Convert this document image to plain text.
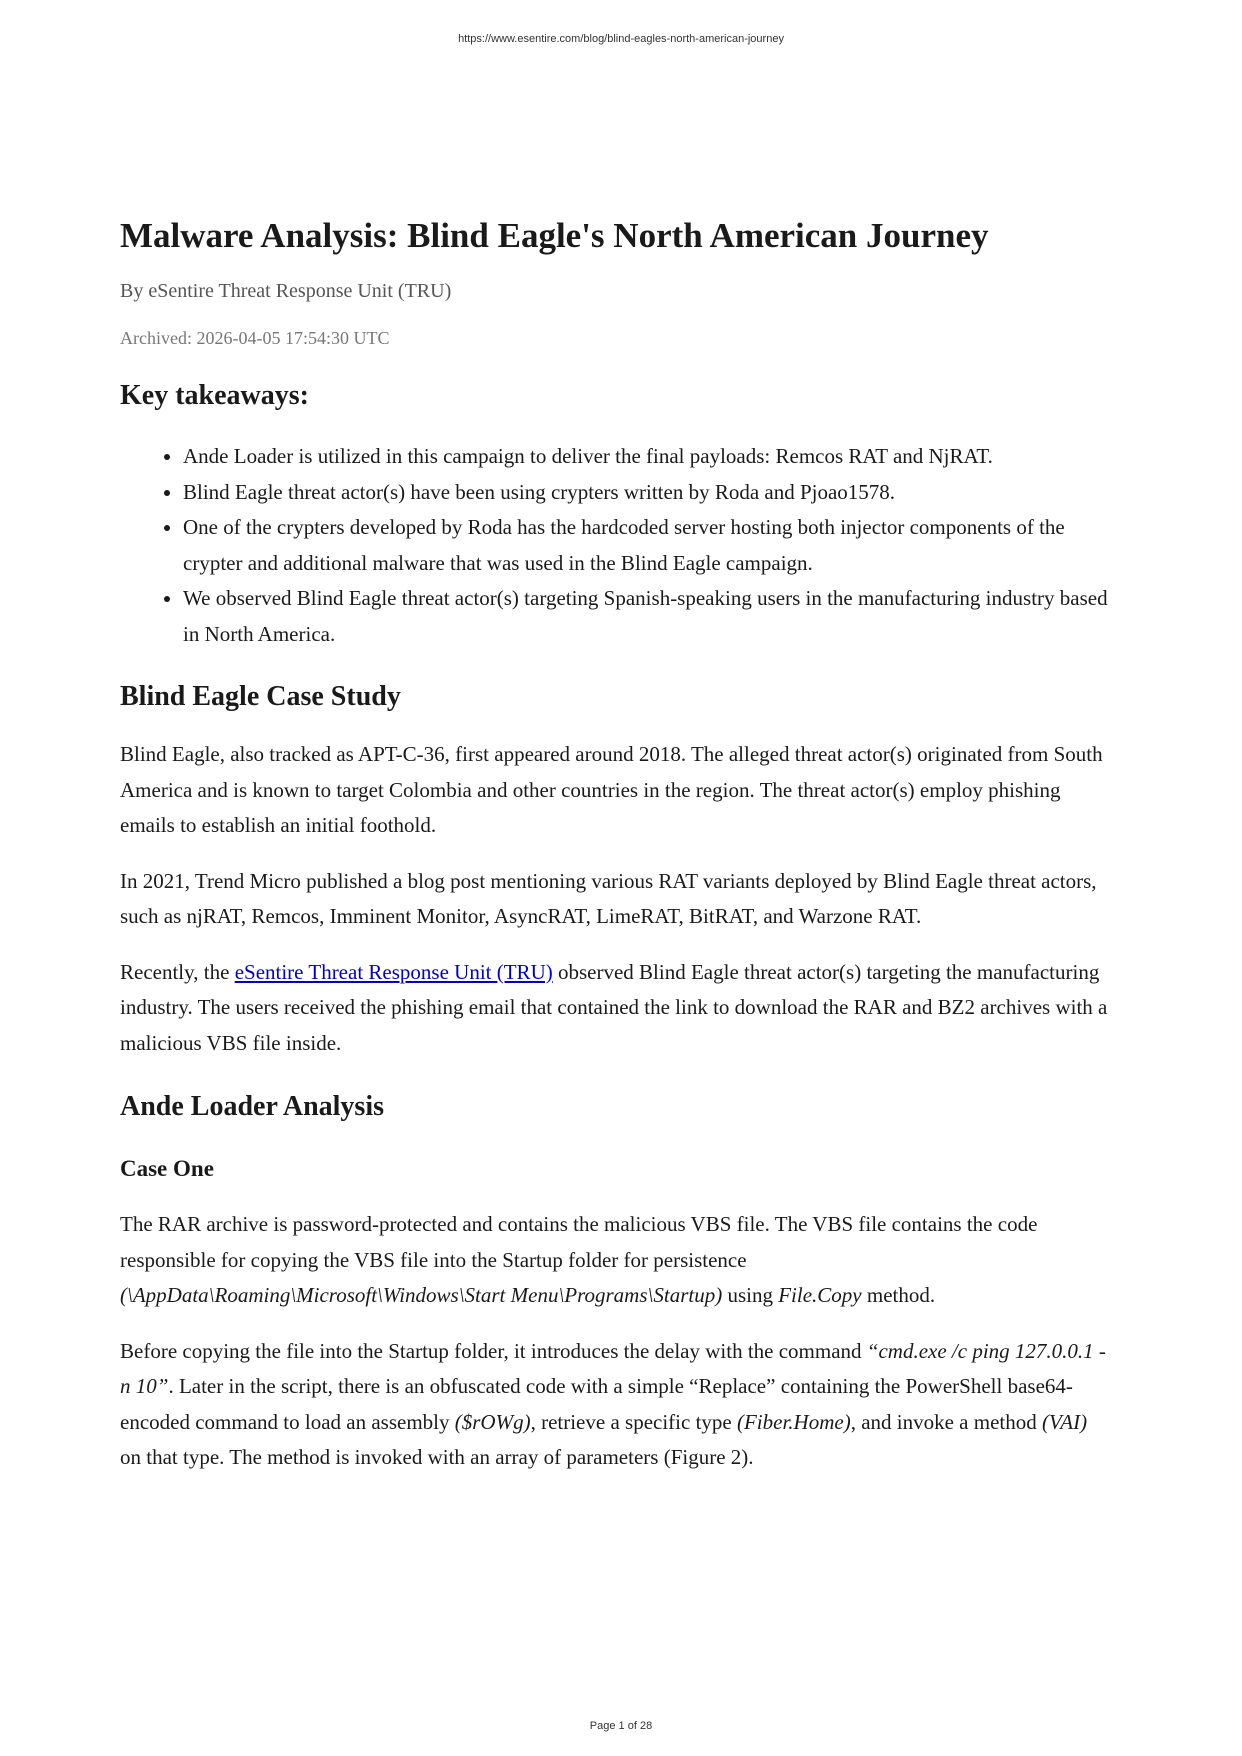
https://www.esentire.com/blog/blind-eagles-north-american-journey
Malware Analysis: Blind Eagle's North American Journey
By eSentire Threat Response Unit (TRU)
Archived: 2026-04-05 17:54:30 UTC
Key takeaways:
• Ande Loader is utilized in this campaign to deliver the final payloads: Remcos RAT and NjRAT.
• Blind Eagle threat actor(s) have been using crypters written by Roda and Pjoao1578.
• One of the crypters developed by Roda has the hardcoded server hosting both injector components of the crypter and additional malware that was used in the Blind Eagle campaign.
• We observed Blind Eagle threat actor(s) targeting Spanish-speaking users in the manufacturing industry based in North America.
Blind Eagle Case Study

Blind Eagle, also tracked as APT-C-36, first appeared around 2018. The alleged threat actor(s) originated from South America and is known to target Colombia and other countries in the region. The threat actor(s) employ phishing emails to establish an initial foothold.

In 2021, Trend Micro published a blog post mentioning various RAT variants deployed by Blind Eagle threat actors, such as njRAT, Remcos, Imminent Monitor, AsyncRAT, LimeRAT, BitRAT, and Warzone RAT.

Recently, the eSentire Threat Response Unit (TRU) observed Blind Eagle threat actor(s) targeting the manufacturing industry. The users received the phishing email that contained the link to download the RAR and BZ2 archives with a malicious VBS file inside.

Ande Loader Analysis
Case One

The RAR archive is password-protected and contains the malicious VBS file. The VBS file contains the code responsible for copying the VBS file into the Startup folder for persistence (\AppData\Roaming\Microsoft\Windows\Start Menu\Programs\Startup) using File.Copy method.

Before copying the file into the Startup folder, it introduces the delay with the command “cmd.exe /c ping 127.0.0.1 -n 10”. Later in the script, there is an obfuscated code with a simple “Replace” containing the PowerShell base64-encoded command to load an assembly ($rOWg), retrieve a specific type (Fiber.Home), and invoke a method (VAI) on that type. The method is invoked with an array of parameters (Figure 2).

Page 1 of 28
